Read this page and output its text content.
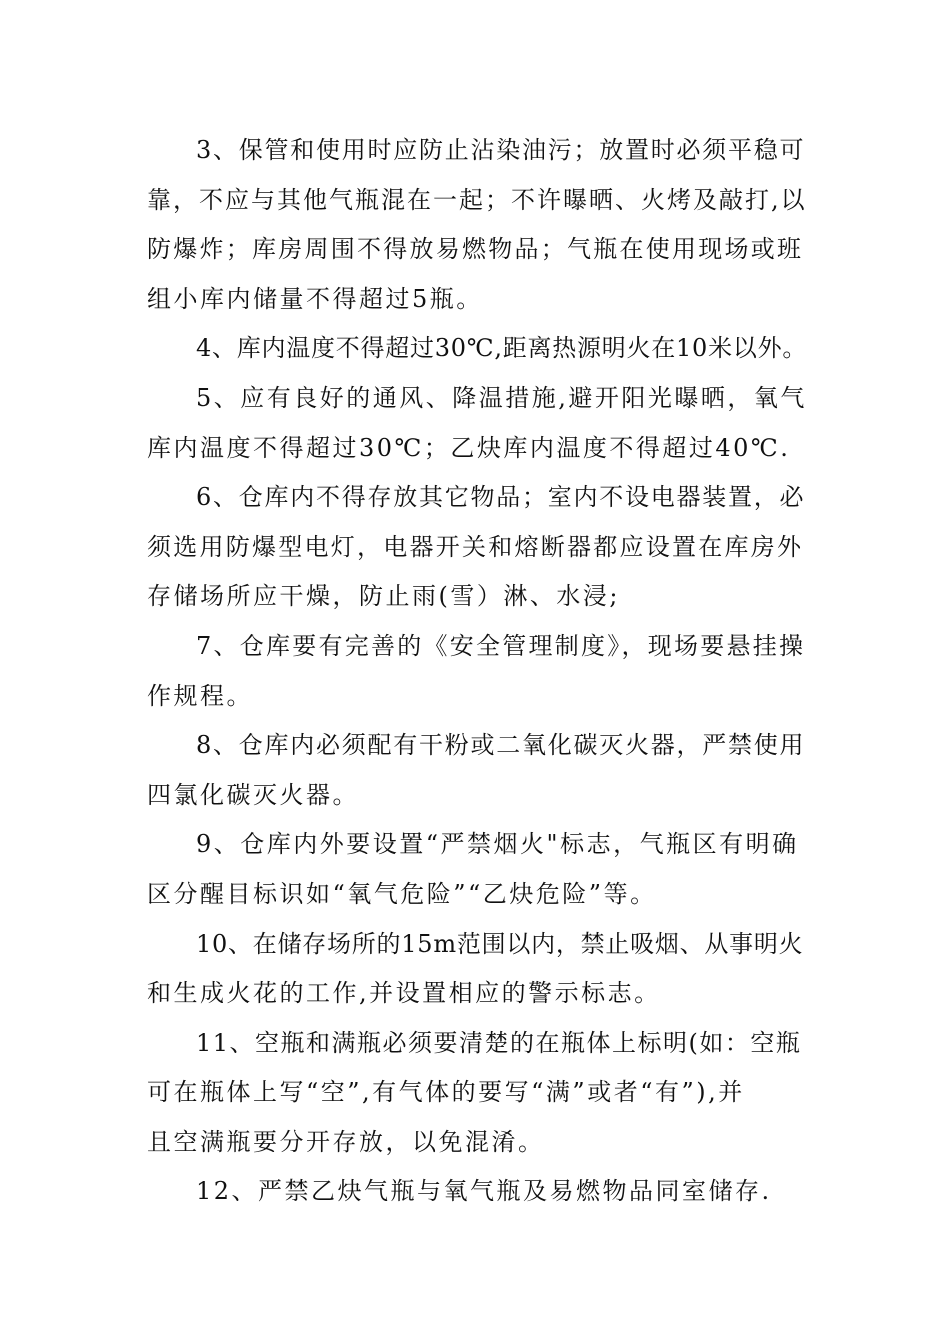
3、保管和使用时应防止沾染油污；放置时必须平稳可
靠，不应与其他气瓶混在一起；不许曝晒、火烤及敲打,以
防爆炸；库房周围不得放易燃物品；气瓶在使用现场或班
组小库内储量不得超过5瓶。
4、库内温度不得超过30℃,距离热源明火在10米以外。
5、应有良好的通风、降温措施,避开阳光曝晒，氧气
库内温度不得超过30℃；乙炔库内温度不得超过40℃.
6、仓库内不得存放其它物品；室内不设电器装置，必
须选用防爆型电灯，电器开关和熔断器都应设置在库房外
存储场所应干燥，防止雨(雪）淋、水浸;
7、仓库要有完善的《安全管理制度》，现场要悬挂操
作规程。
8、仓库内必须配有干粉或二氧化碳灭火器，严禁使用
四氯化碳灭火器。
9、仓库内外要设置“严禁烟火"标志，气瓶区有明确
区分醒目标识如“氧气危险”“乙炔危险”等。
10、在储存场所的15m范围以内，禁止吸烟、从事明火
和生成火花的工作,并设置相应的警示标志。
11、空瓶和满瓶必须要清楚的在瓶体上标明(如：空瓶
可在瓶体上写“空”,有气体的要写“满”或者“有”),并
且空满瓶要分开存放，以免混淆。
12、严禁乙炔气瓶与氧气瓶及易燃物品同室储存.
